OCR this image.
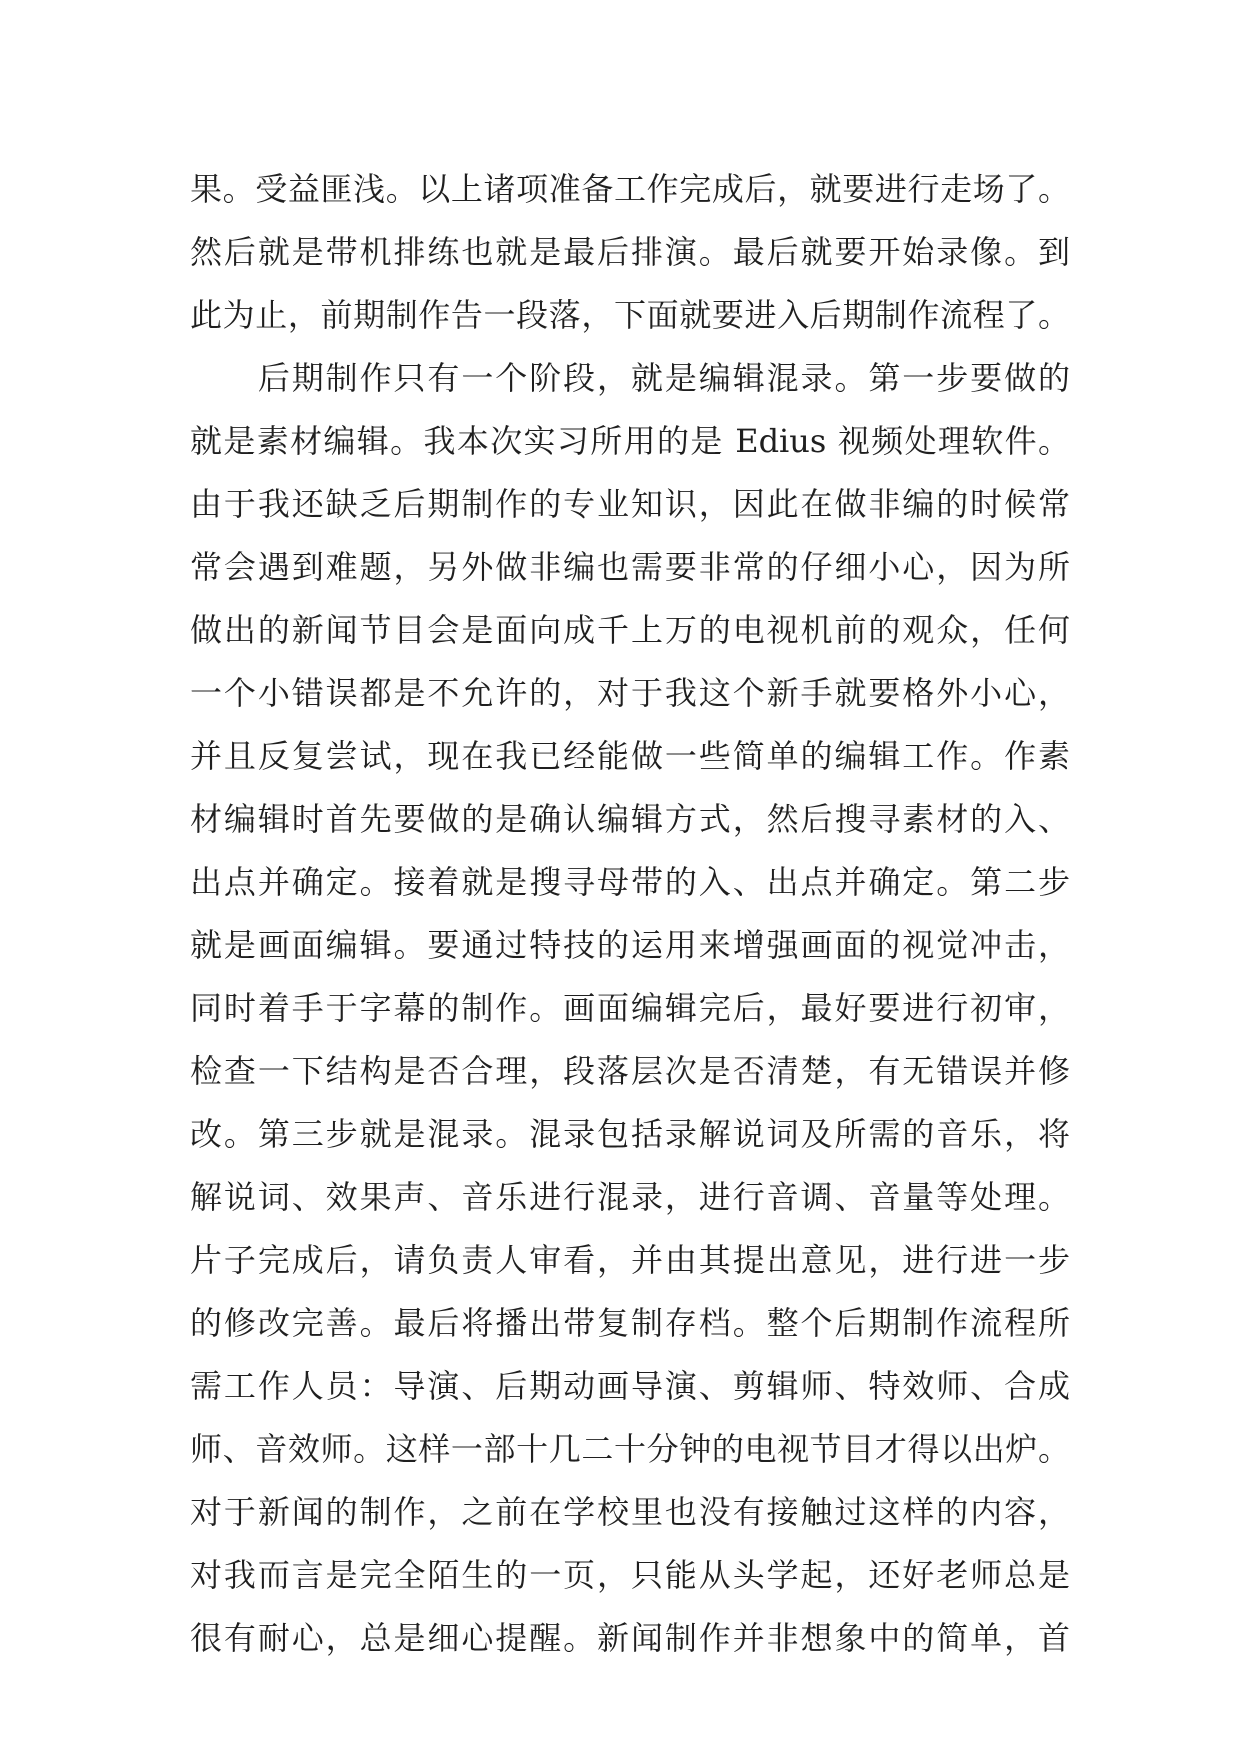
果。受益匪浅。以上诸项准备工作完成后，就要进行走场了。
然后就是带机排练也就是最后排演。最后就要开始录像。到
此为止，前期制作告一段落，下面就要进入后期制作流程了。
　　后期制作只有一个阶段，就是编辑混录。第一步要做的
就是素材编辑。我本次实习所用的是 Edius 视频处理软件。
由于我还缺乏后期制作的专业知识，因此在做非编的时候常
常会遇到难题，另外做非编也需要非常的仔细小心，因为所
做出的新闻节目会是面向成千上万的电视机前的观众，任何
一个小错误都是不允许的，对于我这个新手就要格外小心，
并且反复尝试，现在我已经能做一些简单的编辑工作。作素
材编辑时首先要做的是确认编辑方式，然后搜寻素材的入、
出点并确定。接着就是搜寻母带的入、出点并确定。第二步
就是画面编辑。要通过特技的运用来增强画面的视觉冲击，
同时着手于字幕的制作。画面编辑完后，最好要进行初审，
检查一下结构是否合理，段落层次是否清楚，有无错误并修
改。第三步就是混录。混录包括录解说词及所需的音乐，将
解说词、效果声、音乐进行混录，进行音调、音量等处理。
片子完成后，请负责人审看，并由其提出意见，进行进一步
的修改完善。最后将播出带复制存档。整个后期制作流程所
需工作人员：导演、后期动画导演、剪辑师、特效师、合成
师、音效师。这样一部十几二十分钟的电视节目才得以出炉。
对于新闻的制作，之前在学校里也没有接触过这样的内容，
对我而言是完全陌生的一页，只能从头学起，还好老师总是
很有耐心，总是细心提醒。新闻制作并非想象中的简单，首
